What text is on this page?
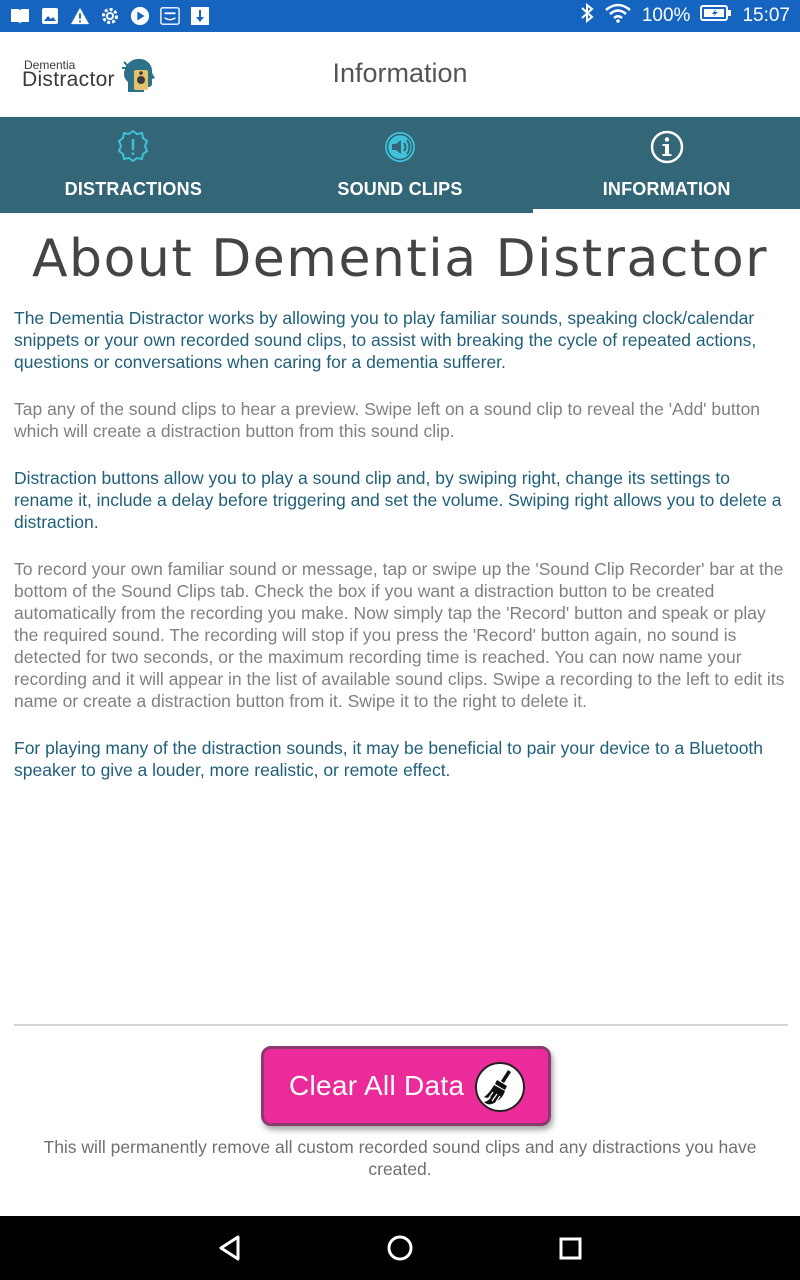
100%	15:07
Dementia
Distractor	Information
DISTRACTIONS	SOUND CLIPS	INFORMATION
About Dementia Distractor

The Dementia Distractor works by allowing you to play familiar sounds, speaking clock/calendar snippets or your own recorded sound clips, to assist with breaking the cycle of repeated actions, questions or conversations when caring for a dementia sufferer.

Tap any of the sound clips to hear a preview. Swipe left on a sound clip to reveal the 'Add' button which will create a distraction button from this sound clip.

Distraction buttons allow you to play a sound clip and, by swiping right, change its settings to rename it, include a delay before triggering and set the volume. Swiping right allows you to delete a distraction.

To record your own familiar sound or message, tap or swipe up the 'Sound Clip Recorder' bar at the bottom of the Sound Clips tab. Check the box if you want a distraction button to be created automatically from the recording you make. Now simply tap the 'Record' button and speak or play the required sound. The recording will stop if you press the 'Record' button again, no sound is detected for two seconds, or the maximum recording time is reached. You can now name your recording and it will appear in the list of available sound clips. Swipe a recording to the left to edit its name or create a distraction button from it. Swipe it to the right to delete it.

For playing many of the distraction sounds, it may be beneficial to pair your device to a Bluetooth speaker to give a louder, more realistic, or remote effect.

Clear All Data
This will permanently remove all custom recorded sound clips and any distractions you have created.
